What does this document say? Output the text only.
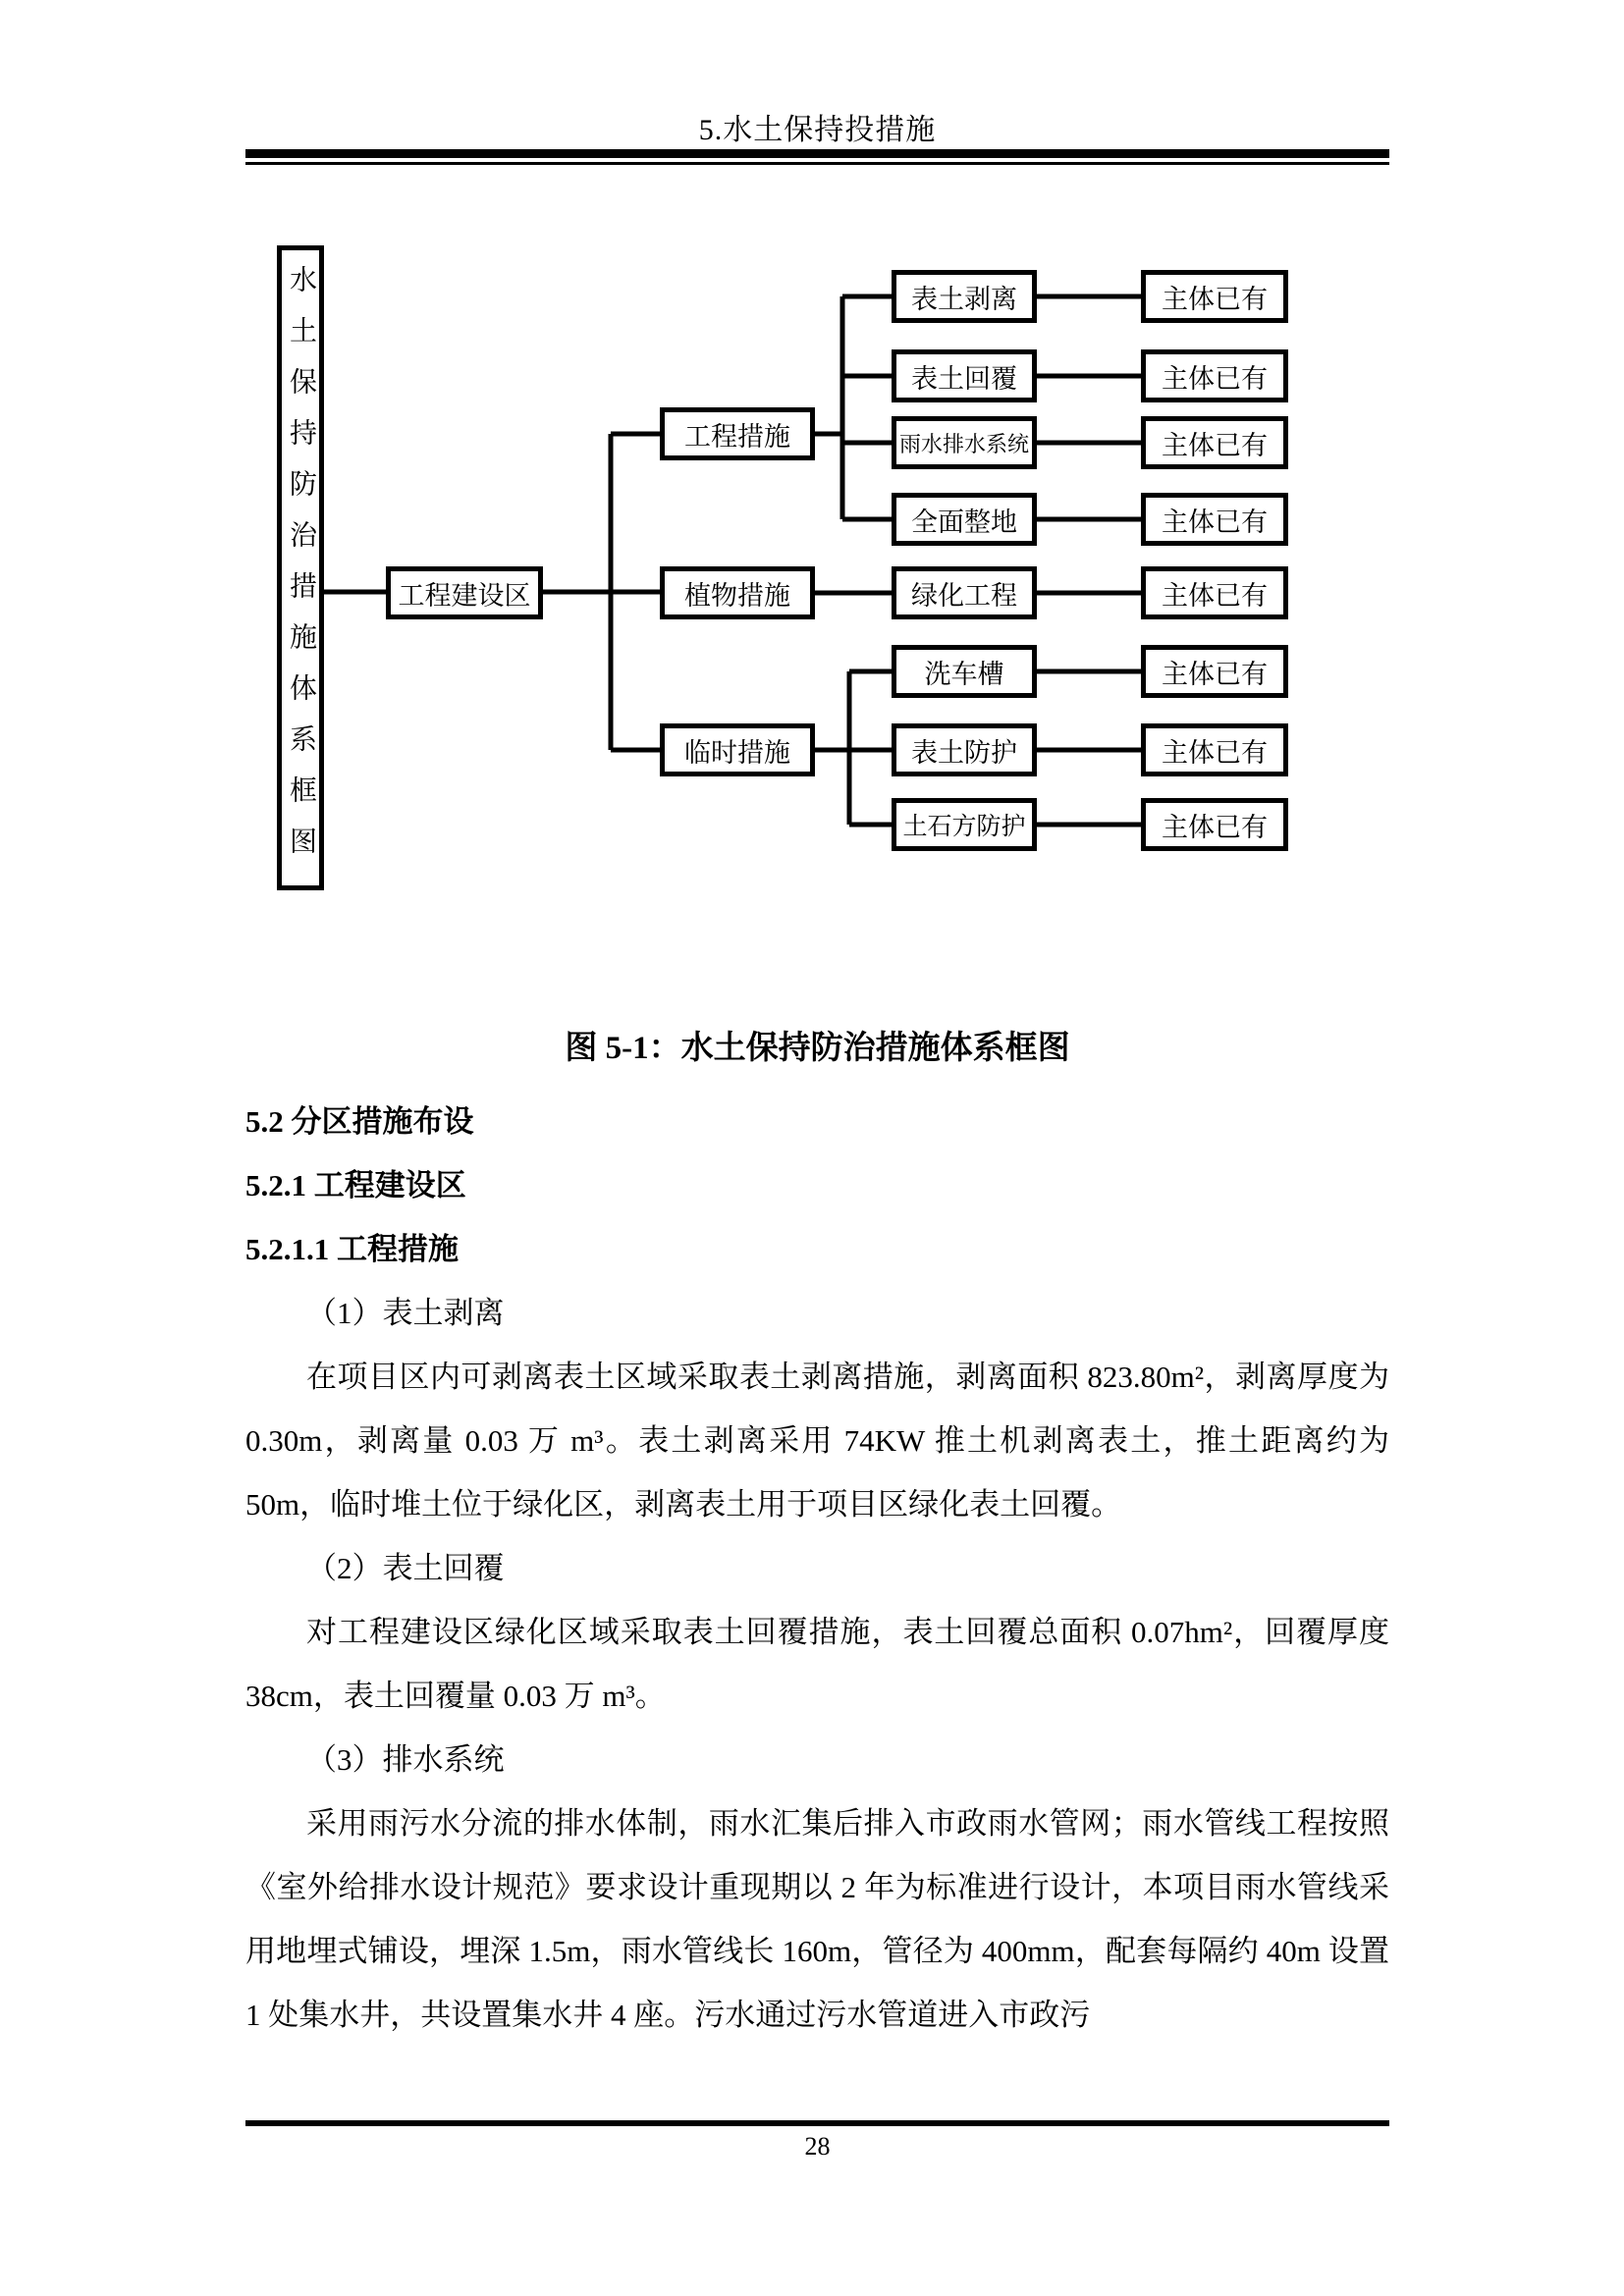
5.水土保持投措施
水土保持防治措施体系框图	工程建设区
工程措施
植物措施
临时措施
表土剥离
表土回覆
雨水排水系统
全面整地
绿化工程
洗车槽
表土防护
土石方防护
主体已有
主体已有
主体已有
主体已有
主体已有
主体已有
主体已有
主体已有
图 5-1：水土保持防治措施体系框图
5.2 分区措施布设
5.2.1 工程建设区
5.2.1.1 工程措施

（1）表土剥离

在项目区内可剥离表土区域采取表土剥离措施，剥离面积 823.80m²，剥离厚度为 0.30m，剥离量 0.03 万 m³。表土剥离采用 74KW 推土机剥离表土，推土距离约为 50m，临时堆土位于绿化区，剥离表土用于项目区绿化表土回覆。

（2）表土回覆

对工程建设区绿化区域采取表土回覆措施，表土回覆总面积 0.07hm²，回覆厚度 38cm，表土回覆量 0.03 万 m³。

（3）排水系统

采用雨污水分流的排水体制，雨水汇集后排入市政雨水管网；雨水管线工程按照《室外给排水设计规范》要求设计重现期以 2 年为标准进行设计，本项目雨水管线采用地埋式铺设，埋深 1.5m，雨水管线长 160m，管径为 400mm，配套每隔约 40m 设置 1 处集水井，共设置集水井 4 座。污水通过污水管道进入市政污

28
